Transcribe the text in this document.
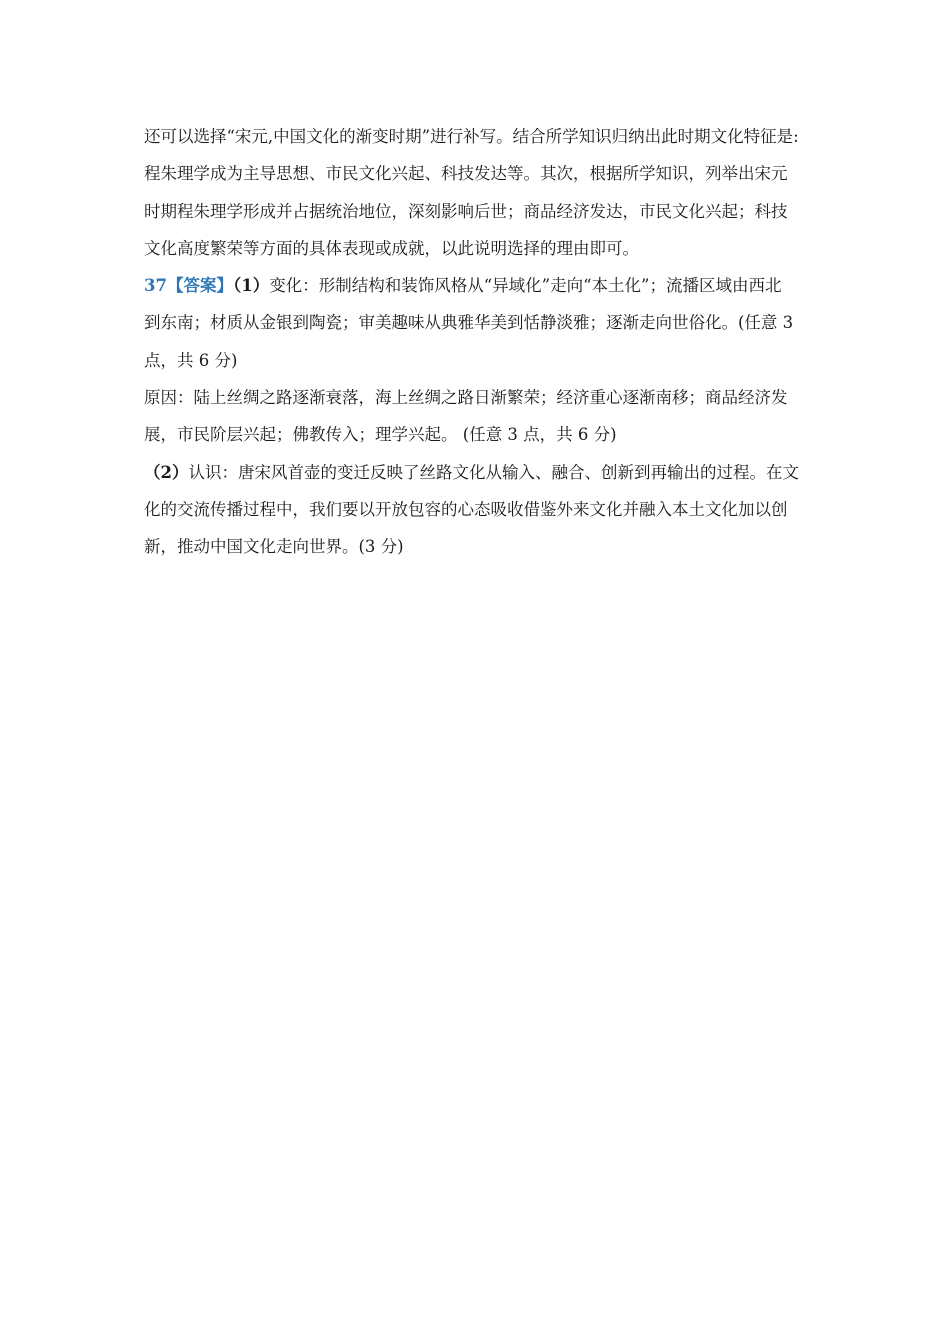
还可以选择“宋元,中国文化的渐变时期”进行补写。结合所学知识归纳出此时期文化特征是:
程朱理学成为主导思想、市民文化兴起、科技发达等。其次，根据所学知识，列举出宋元
时期程朱理学形成并占据统治地位，深刻影响后世；商品经济发达，市民文化兴起；科技
文化高度繁荣等方面的具体表现或成就，以此说明选择的理由即可。
37【答案】（1）变化：形制结构和装饰风格从“异域化”走向“本土化”；流播区域由西北
到东南；材质从金银到陶瓷；审美趣味从典雅华美到恬静淡雅；逐渐走向世俗化。(任意 3
点，共 6 分)
原因：陆上丝绸之路逐渐衰落，海上丝绸之路日渐繁荣；经济重心逐渐南移；商品经济发
展，市民阶层兴起；佛教传入；理学兴起。 (任意 3 点，共 6 分)
（2）认识：唐宋风首壶的变迁反映了丝路文化从输入、融合、创新到再输出的过程。在文
化的交流传播过程中，我们要以开放包容的心态吸收借鉴外来文化并融入本土文化加以创
新，推动中国文化走向世界。(3 分)
